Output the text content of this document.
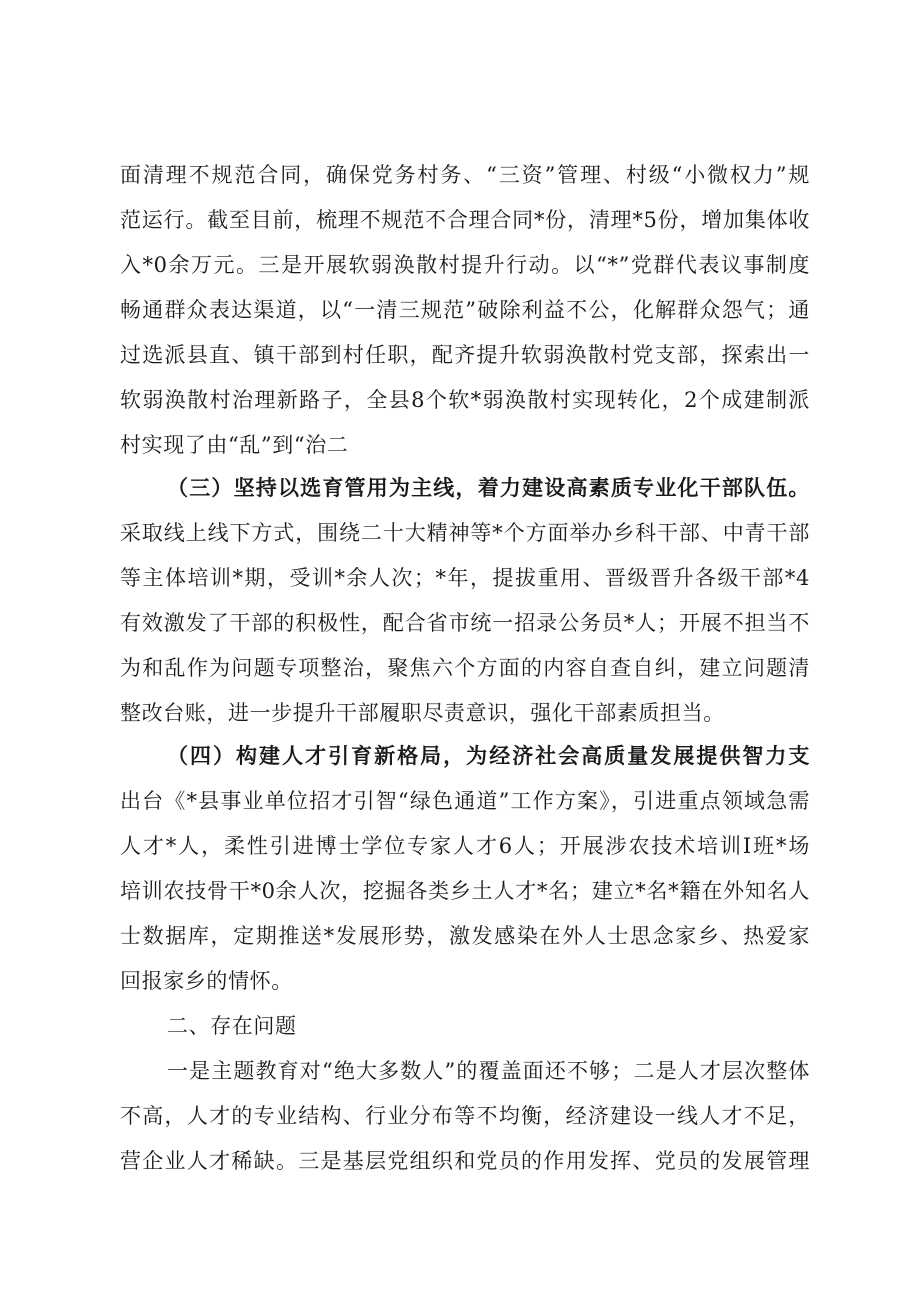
面清理不规范合同，确保党务村务、“三资”管理、村级“小微权力”规
范运行。截至目前，梳理不规范不合理合同*份，清理*5份，增加集体收
入*0余万元。三是开展软弱涣散村提升行动。以“*”党群代表议事制度
畅通群众表达渠道，以“一清三规范”破除利益不公，化解群众怨气；通
过选派县直、镇干部到村任职，配齐提升软弱涣散村党支部，探索出一
软弱涣散村治理新路子，全县8个软*弱涣散村实现转化，2个成建制派
村实现了由“乱”到“治二
（三）坚持以选育管用为主线，着力建设高素质专业化干部队伍。
采取线上线下方式，围绕二十大精神等*个方面举办乡科干部、中青干部
等主体培训*期，受训*余人次；*年，提拔重用、晋级晋升各级干部*4
有效激发了干部的积极性，配合省市统一招录公务员*人；开展不担当不
为和乱作为问题专项整治，聚焦六个方面的内容自查自纠，建立问题清
整改台账，进一步提升干部履职尽责意识，强化干部素质担当。
（四）构建人才引育新格局，为经济社会高质量发展提供智力支
出台《*县事业单位招才引智“绿色通道”工作方案》，引进重点领域急需
人才*人，柔性引进博士学位专家人才6人；开展涉农技术培训Ⅰ班*场
培训农技骨干*0余人次，挖掘各类乡土人才*名；建立*名*籍在外知名人
士数据库，定期推送*发展形势，激发感染在外人士思念家乡、热爱家
回报家乡的情怀。
二、存在问题
一是主题教育对“绝大多数人”的覆盖面还不够；二是人才层次整体
不高，人才的专业结构、行业分布等不均衡，经济建设一线人才不足，
营企业人才稀缺。三是基层党组织和党员的作用发挥、党员的发展管理
